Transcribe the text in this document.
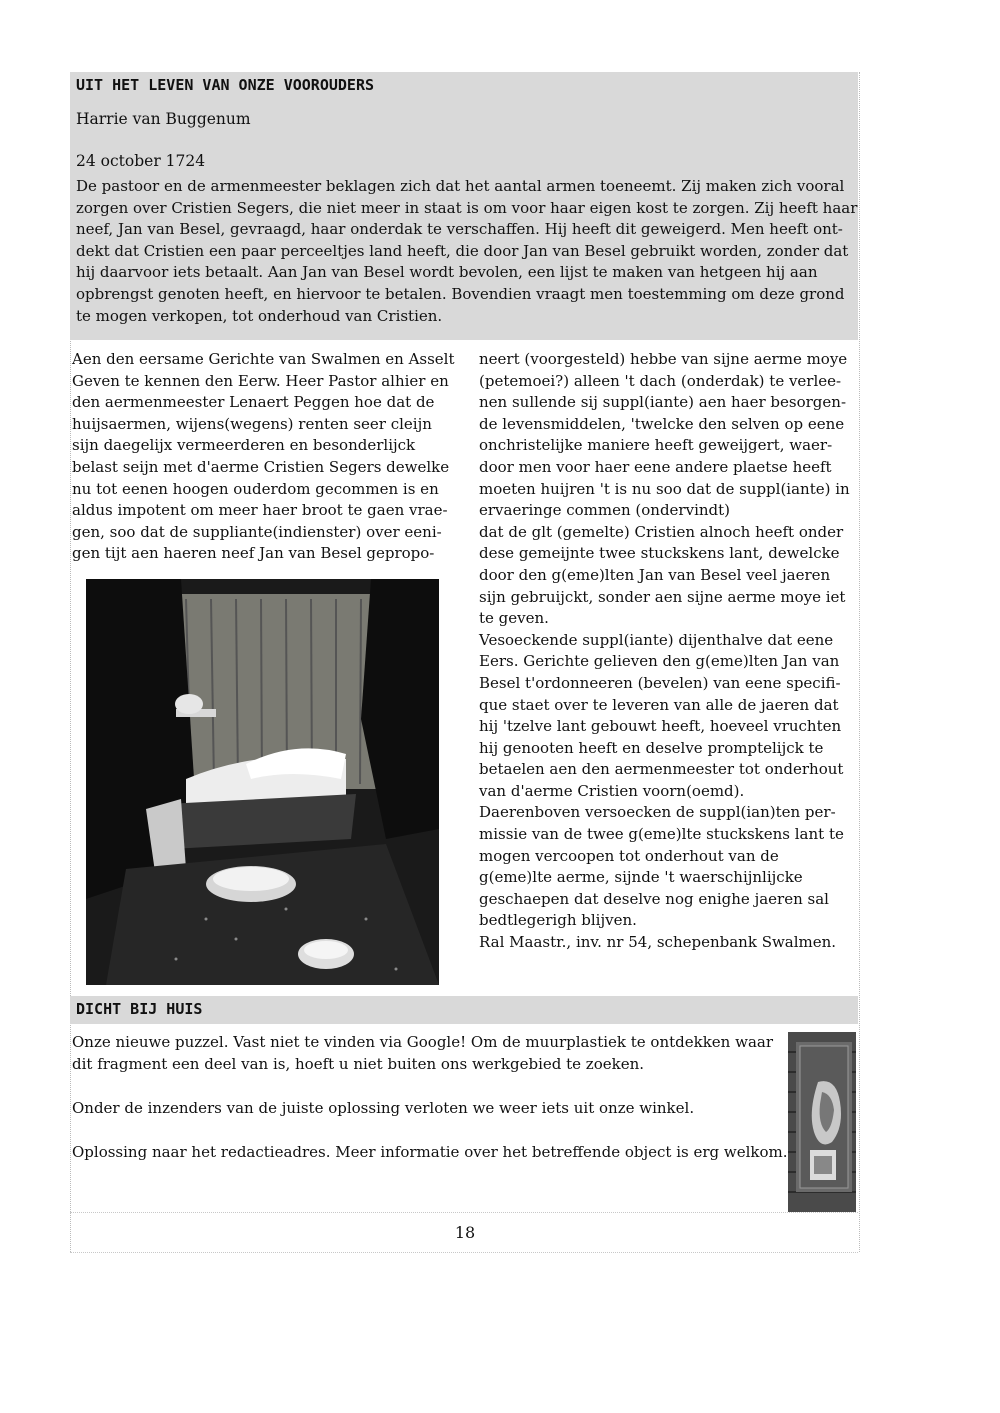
UIT HET LEVEN VAN ONZE VOOROUDERS
Harrie van Buggenum
24 october 1724
De pastoor en de armenmeester beklagen zich dat het aantal armen toeneemt. Zij maken zich vooral
zorgen over Cristien Segers, die niet meer in staat is om voor haar eigen kost te zorgen. Zij heeft haar
neef, Jan van Besel, gevraagd, haar onderdak te verschaffen. Hij heeft dit geweigerd. Men heeft ont-
dekt dat Cristien een paar perceeltjes land heeft, die door Jan van Besel gebruikt worden, zonder dat
hij daarvoor iets betaalt. Aan Jan van Besel wordt bevolen, een lijst te maken van hetgeen hij aan
opbrengst genoten heeft, en hiervoor te betalen. Bovendien vraagt men toestemming om deze grond
te mogen verkopen, tot onderhoud van Cristien.
Aen den eersame Gerichte van Swalmen en Asselt
Geven te kennen den Eerw. Heer Pastor alhier en
den aermenmeester Lenaert Peggen hoe dat de
huijsaermen, wijens(wegens) renten seer cleijn
sijn daegelijx vermeerderen en besonderlijck
belast seijn met d'aerme Cristien Segers dewelke
nu tot eenen hoogen ouderdom gecommen is en
aldus impotent om meer haer broot te gaen vrae-
gen, soo dat de suppliante(indienster) over eeni-
gen tijt aen haeren neef Jan van Besel gepropo-
neert (voorgesteld) hebbe van sijne aerme moye
(petemoei?) alleen 't dach (onderdak) te verlee-
nen sullende sij suppl(iante) aen haer besorgen-
de levensmiddelen, 'twelcke den selven op eene
onchristelijke maniere heeft geweijgert, waer-
door men voor haer eene andere plaetse heeft
moeten huijren 't is nu soo dat de suppl(iante) in
ervaeringe commen (ondervindt)
dat de glt (gemelte) Cristien alnoch heeft onder
dese gemeijnte twee stuckskens lant, dewelcke
door den g(eme)lten Jan van Besel veel jaeren
sijn gebruijckt, sonder aen sijne aerme moye iet
te geven.
Vesoeckende suppl(iante) dijenthalve dat eene
Eers. Gerichte gelieven den g(eme)lten Jan van
Besel t'ordonneeren (bevelen) van eene specifi-
que staet over te leveren van alle de jaeren dat
hij 'tzelve lant gebouwt heeft, hoeveel vruchten
hij genooten heeft en deselve promptelijck te
betaelen aen den aermenmeester tot onderhout
van d'aerme Cristien voorn(oemd).
Daerenboven versoecken de suppl(ian)ten per-
missie van de twee g(eme)lte stuckskens lant te
mogen vercoopen tot onderhout van de
g(eme)lte aerme, sijnde 't waerschijnlijcke
geschaepen dat deselve nog enighe jaeren sal
bedtlegerigh blijven.
Ral Maastr., inv. nr 54, schepenbank Swalmen.
DICHT BIJ HUIS
Onze nieuwe puzzel. Vast niet te vinden via Google! Om de muurplastiek te ontdekken waar
dit fragment een deel van is, hoeft u niet buiten ons werkgebied te zoeken.
Onder de inzenders van de juiste oplossing verloten we weer iets uit onze winkel.
Oplossing naar het redactieadres. Meer informatie over het betreffende object is erg welkom.
18
